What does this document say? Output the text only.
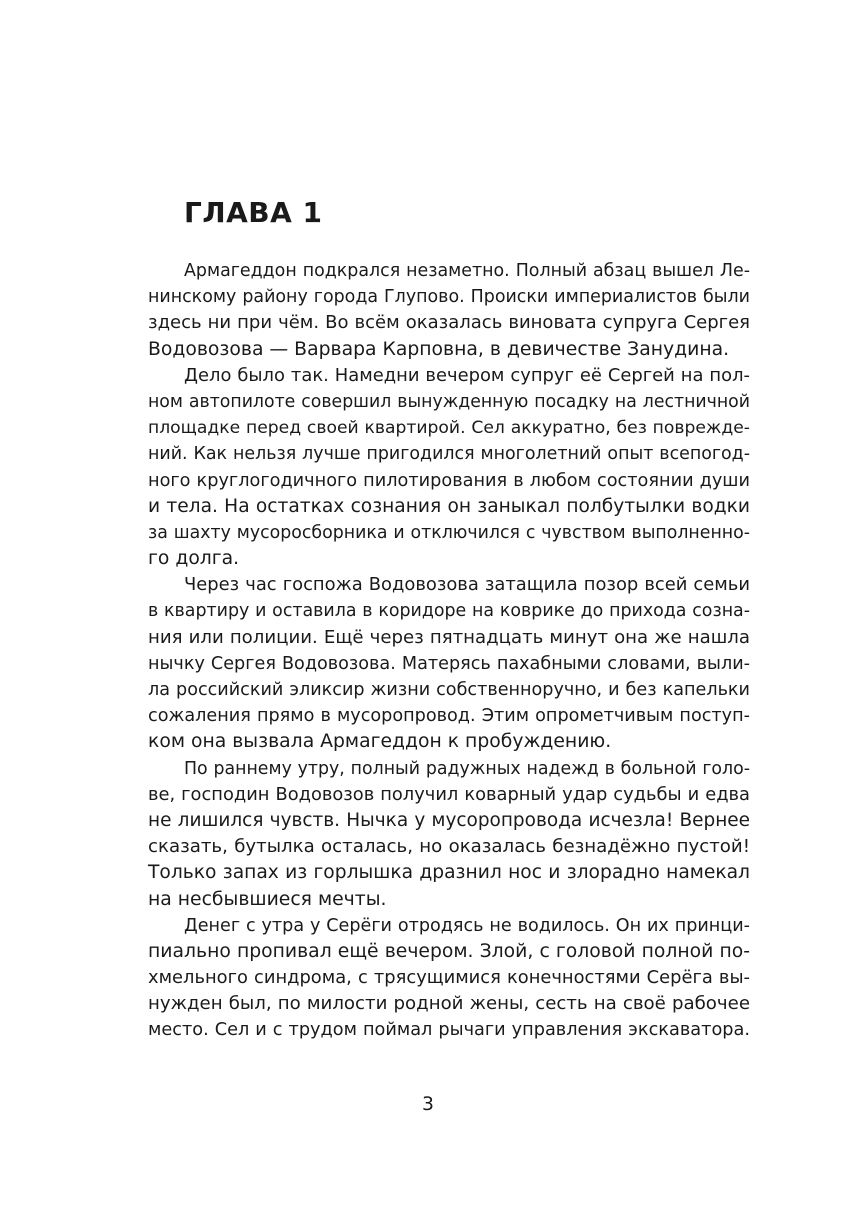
ГЛАВА 1
Армагеддон подкрался незаметно. Полный абзац вышел Ле-
нинскому району города Глупово. Происки империалистов были
здесь ни при чём. Во всём оказалась виновата супруга Сергея
Водовозова — Варвара Карповна, в девичестве Занудина.
Дело было так. Намедни вечером супруг её Сергей на пол-
ном автопилоте совершил вынужденную посадку на лестничной
площадке перед своей квартирой. Сел аккуратно, без поврежде-
ний. Как нельзя лучше пригодился многолетний опыт всепогод-
ного круглогодичного пилотирования в любом состоянии души
и тела. На остатках сознания он заныкал полбутылки водки
за шахту мусоросборника и отключился с чувством выполненно-
го долга.
Через час госпожа Водовозова затащила позор всей семьи
в квартиру и оставила в коридоре на коврике до прихода созна-
ния или полиции. Ещё через пятнадцать минут она же нашла
нычку Сергея Водовозова. Матерясь пахабными словами, выли-
ла российский эликсир жизни собственноручно, и без капельки
сожаления прямо в мусоропровод. Этим опрометчивым поступ-
ком она вызвала Армагеддон к пробуждению.
По раннему утру, полный радужных надежд в больной голо-
ве, господин Водовозов получил коварный удар судьбы и едва
не лишился чувств. Нычка у мусоропровода исчезла! Вернее
сказать, бутылка осталась, но оказалась безнадёжно пустой!
Только запах из горлышка дразнил нос и злорадно намекал
на несбывшиеся мечты.
Денег с утра у Серёги отродясь не водилось. Он их принци-
пиально пропивал ещё вечером. Злой, с головой полной по-
хмельного синдрома, с трясущимися конечностями Серёга вы-
нужден был, по милости родной жены, сесть на своё рабочее
место. Сел и с трудом поймал рычаги управления экскаватора.
3
